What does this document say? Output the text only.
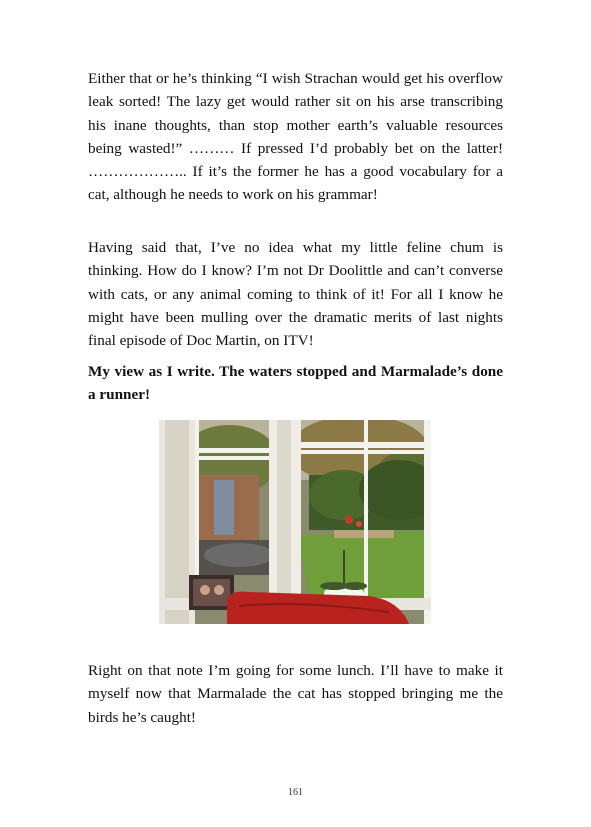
Either that or he’s thinking “I wish Strachan would get his overflow leak sorted! The lazy get would rather sit on his arse transcribing his inane thoughts, than stop mother earth’s valuable resources being wasted!” ……… If pressed I’d probably bet on the latter! ……………….. If it’s the former he has a good vocabulary for a cat, although he needs to work on his grammar!

Having said that, I’ve no idea what my little feline chum is thinking. How do I know? I’m not Dr Doolittle and can’t converse with cats, or any animal coming to think of it! For all I know he might have been mulling over the dramatic merits of last nights final episode of Doc Martin, on ITV!

My view as I write. The waters stopped and Marmalade’s done a runner!

Right on that note I’m going for some lunch. I’ll have to make it myself now that Marmalade the cat has stopped bringing me the birds he’s caught!

161
